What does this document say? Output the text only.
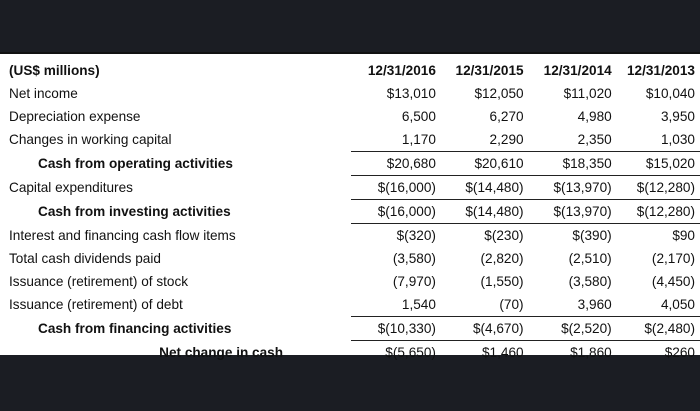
(US$ millions)	12/31/2016	12/31/2015	12/31/2014	12/31/2013
Net income	$13,010	$12,050	$11,020	$10,040
Depreciation expense	6,500	6,270	4,980	3,950
Changes in working capital	1,170	2,290	2,350	1,030
Cash from operating activities	$20,680	$20,610	$18,350	$15,020
Capital expenditures	$(16,000)	$(14,480)	$(13,970)	$(12,280)
Cash from investing activities	$(16,000)	$(14,480)	$(13,970)	$(12,280)
Interest and financing cash flow items	$(320)	$(230)	$(390)	$90
Total cash dividends paid	(3,580)	(2,820)	(2,510)	(2,170)
Issuance (retirement) of stock	(7,970)	(1,550)	(3,580)	(4,450)
Issuance (retirement) of debt	1,540	(70)	3,960	4,050
Cash from financing activities	$(10,330)	$(4,670)	$(2,520)	$(2,480)
Net change in cash	$(5,650)	$1,460	$1,860	$260
